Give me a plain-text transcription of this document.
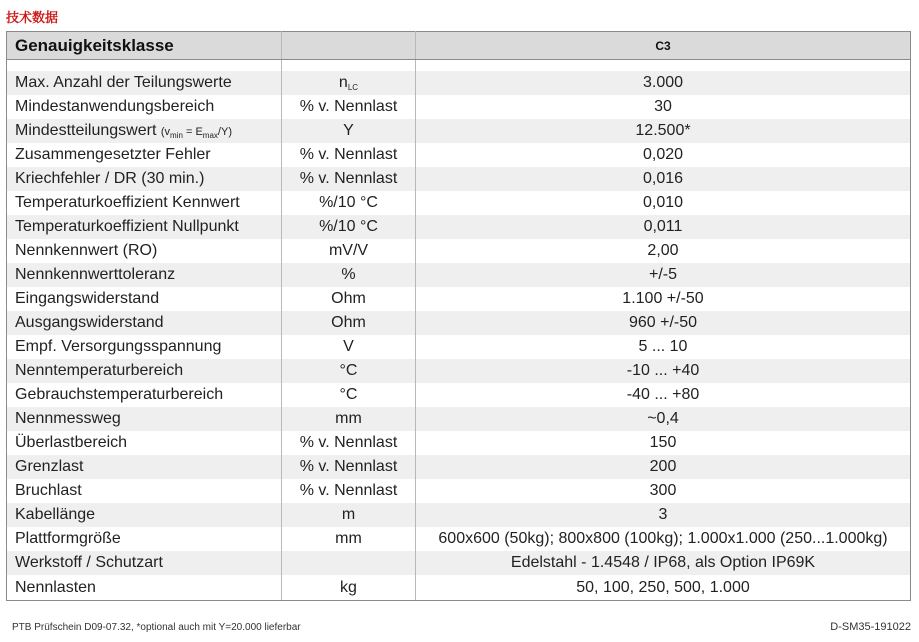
技术数据
Genauigkeitsklasse		C3

Max. Anzahl der Teilungswerte	$n_{LC}$	3.000
Mindestanwendungsbereich	% v. Nennlast	30
Mindestteilungswert $(v_{min} = E_{max}/Y)$	Y	12.500*
Zusammengesetzter Fehler	% v. Nennlast	0,020
Kriechfehler / DR (30 min.)	% v. Nennlast	0,016
Temperaturkoeffizient Kennwert	%/10 °C	0,010
Temperaturkoeffizient Nullpunkt	%/10 °C	0,011
Nennkennwert (RO)	mV/V	2,00
Nennkennwerttoleranz	%	+/-5
Eingangswiderstand	Ohm	1.100 +/-50
Ausgangswiderstand	Ohm	960 +/-50
Empf. Versorgungsspannung	V	5 ... 10
Nenntemperaturbereich	°C	-10 ... +40
Gebrauchstemperaturbereich	°C	-40 ... +80
Nennmessweg	mm	~0,4
Überlastbereich	% v. Nennlast	150
Grenzlast	% v. Nennlast	200
Bruchlast	% v. Nennlast	300
Kabellänge	m	3
Plattformgröße	mm	600x600 (50kg); 800x800 (100kg); 1.000x1.000 (250...1.000kg)
Werkstoff / Schutzart		Edelstahl - 1.4548 / IP68, als Option IP69K
Nennlasten	kg	50, 100, 250, 500, 1.000
PTB Prüfschein D09-07.32, *optional auch mit Y=20.000 lieferbar	D-SM35-191022
